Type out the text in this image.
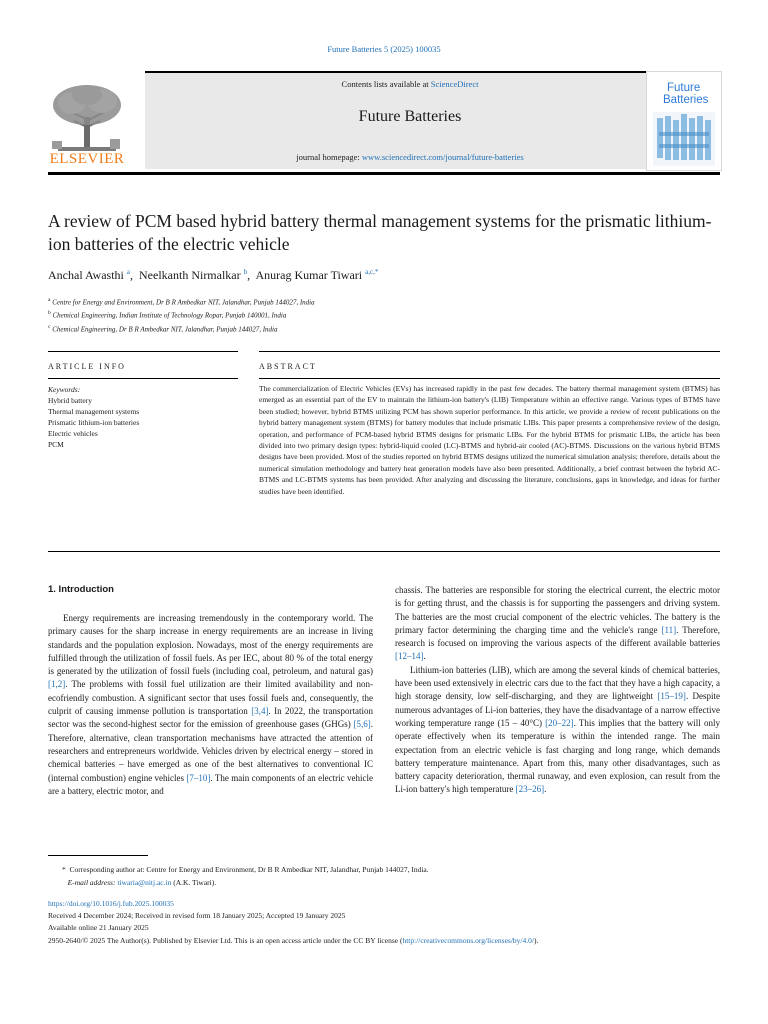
Future Batteries 5 (2025) 100035
ELSEVIER
Contents lists available at ScienceDirect
Future Batteries
journal homepage: www.sciencedirect.com/journal/future-batteries
Future
Batteries
A review of PCM based hybrid battery thermal management systems for the prismatic lithium-ion batteries of the electric vehicle
Anchal Awasthi $^a$,  Neelkanth Nirmalkar $^b$,  Anurag Kumar Tiwari $^{a,c,*}$
$^a$ Centre for Energy and Environment, Dr B R Ambedkar NIT, Jalandhar, Punjab 144027, India
$^b$ Chemical Engineering, Indian Institute of Technology Ropar, Punjab 140001, India
$^c$ Chemical Engineering, Dr B R Ambedkar NIT, Jalandhar, Punjab 144027, India
ARTICLE INFO	ABSTRACT
Keywords:
Hybrid battery
Thermal management systems
Prismatic lithium-ion batteries
Electric vehicles
PCM
The commercialization of Electric Vehicles (EVs) has increased rapidly in the past few decades. The battery thermal management system (BTMS) has emerged as an essential part of the EV to maintain the lithium-ion battery's (LIB) Temperature within an effective range. Various types of BTMS have been studied; however, hybrid BTMS utilizing PCM has shown superior performance. In this article, we provide a review of recent publications on the hybrid battery management system (BTMS) for battery modules that include prismatic LIBs. This paper presents a comprehensive review of the design, operation, and performance of PCM-based hybrid BTMS designs for prismatic LIBs. For the hybrid BTMS for prismatic LIBs, the article has been divided into two primary design types: hybrid-liquid cooled (LC)-BTMS and hybrid-air cooled (AC)-BTMS. Discussions on the various hybrid BTMS designs have been provided. Most of the studies reported on hybrid BTMS designs utilized the numerical simulation analysis; therefore, details about the numerical simulation methodology and battery heat generation models have also been presented. Additionally, a brief contrast between the hybrid AC-BTMS and LC-BTMS systems has been provided. After analyzing and discussing the literature, conclusions, gaps in knowledge, and ideas for further studies have been identified.
1. Introduction

Energy requirements are increasing tremendously in the contemporary world. The primary causes for the sharp increase in energy requirements are an increase in living standards and the population explosion. Nowadays, most of the energy requirements are fulfilled through the utilization of fossil fuels. As per IEC, about 80 % of the total energy is generated by the utilization of fossil fuels (including coal, petroleum, and natural gas) [1,2]. The problems with fossil fuel utilization are their limited availability and non-ecofriendly combustion. A significant sector that uses fossil fuels and, consequently, the culprit of causing immense pollution is transportation [3,4]. In 2022, the transportation sector was the second-highest sector for the emission of greenhouse gases (GHGs) [5,6]. Therefore, alternative, clean transportation mechanisms have attracted the attention of researchers and entrepreneurs worldwide. Vehicles driven by electrical energy – stored in chemical batteries – have emerged as one of the best alternatives to conventional IC (internal combustion) engine vehicles [7–10]. The main components of an electric vehicle are a battery, electric motor, and

chassis. The batteries are responsible for storing the electrical current, the electric motor is for getting thrust, and the chassis is for supporting the passengers and driving system. The batteries are the most crucial component of the electric vehicles. The battery is the primary factor determining the charging time and the vehicle's range [11]. Therefore, research is focused on improving the various aspects of the different available batteries [12–14].

Lithium-ion batteries (LIB), which are among the several kinds of chemical batteries, have been used extensively in electric cars due to the fact that they have a high capacity, a high storage density, low self-discharging, and they are lightweight [15–19]. Despite numerous advantages of Li-ion batteries, they have the disadvantage of a narrow effective working temperature range (15 – 40°C) [20–22]. This implies that the battery will only operate effectively when its temperature is within the intended range. The main expectation from an electric vehicle is fast charging and long range, which demands battery temperature maintenance. Apart from this, many other disadvantages, such as battery capacity deterioration, thermal runaway, and even explosion, can result from the Li-ion battery's high temperature [23–26].

* Corresponding author at: Centre for Energy and Environment, Dr B R Ambedkar NIT, Jalandhar, Punjab 144027, India.
E-mail address: tiwaria@nitj.ac.in (A.K. Tiwari).
https://doi.org/10.1016/j.fub.2025.100035
Received 4 December 2024; Received in revised form 18 January 2025; Accepted 19 January 2025
Available online 21 January 2025
2950-2640/© 2025 The Author(s). Published by Elsevier Ltd. This is an open access article under the CC BY license (http://creativecommons.org/licenses/by/4.0/).
